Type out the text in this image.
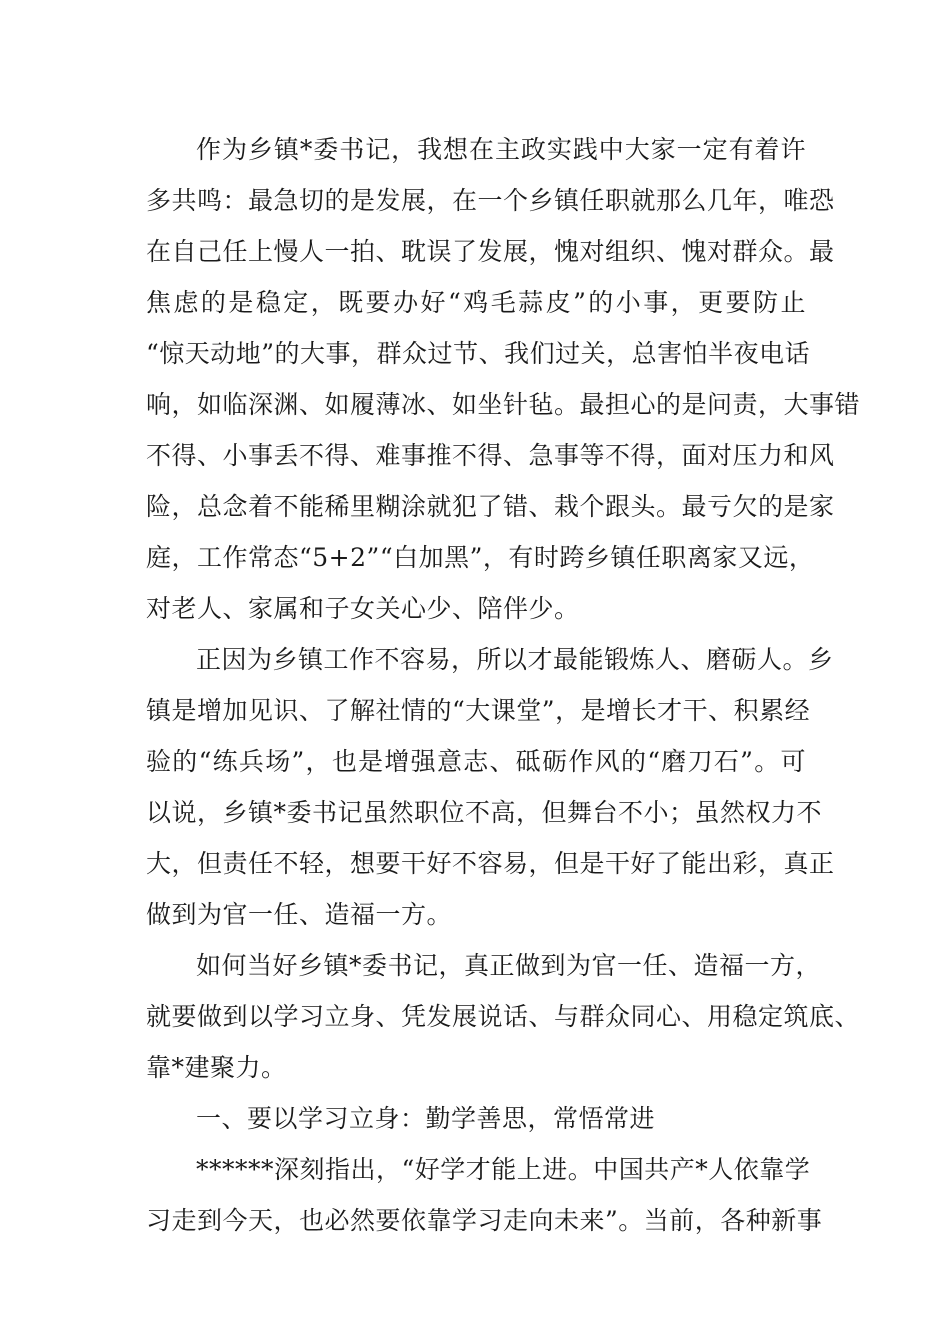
作为乡镇*委书记，我想在主政实践中大家一定有着许
多共鸣：最急切的是发展，在一个乡镇任职就那么几年，唯恐
在自己任上慢人一拍、耽误了发展，愧对组织、愧对群众。最
焦虑的是稳定，既要办好“鸡毛蒜皮”的小事，更要防止
“惊天动地”的大事，群众过节、我们过关，总害怕半夜电话
响，如临深渊、如履薄冰、如坐针毡。最担心的是问责，大事错
不得、小事丢不得、难事推不得、急事等不得，面对压力和风
险，总念着不能稀里糊涂就犯了错、栽个跟头。最亏欠的是家
庭，工作常态“5+2”“白加黑”，有时跨乡镇任职离家又远，
对老人、家属和子女关心少、陪伴少。
正因为乡镇工作不容易，所以才最能锻炼人、磨砺人。乡
镇是增加见识、了解社情的“大课堂”，是增长才干、积累经
验的“练兵场”，也是增强意志、砥砺作风的“磨刀石”。可
以说，乡镇*委书记虽然职位不高，但舞台不小；虽然权力不
大，但责任不轻，想要干好不容易，但是干好了能出彩，真正
做到为官一任、造福一方。
如何当好乡镇*委书记，真正做到为官一任、造福一方，
就要做到以学习立身、凭发展说话、与群众同心、用稳定筑底、
靠*建聚力。
一、要以学习立身：勤学善思，常悟常进
******深刻指出，“好学才能上进。中国共产*人依靠学
习走到今天，也必然要依靠学习走向未来”。当前，各种新事
